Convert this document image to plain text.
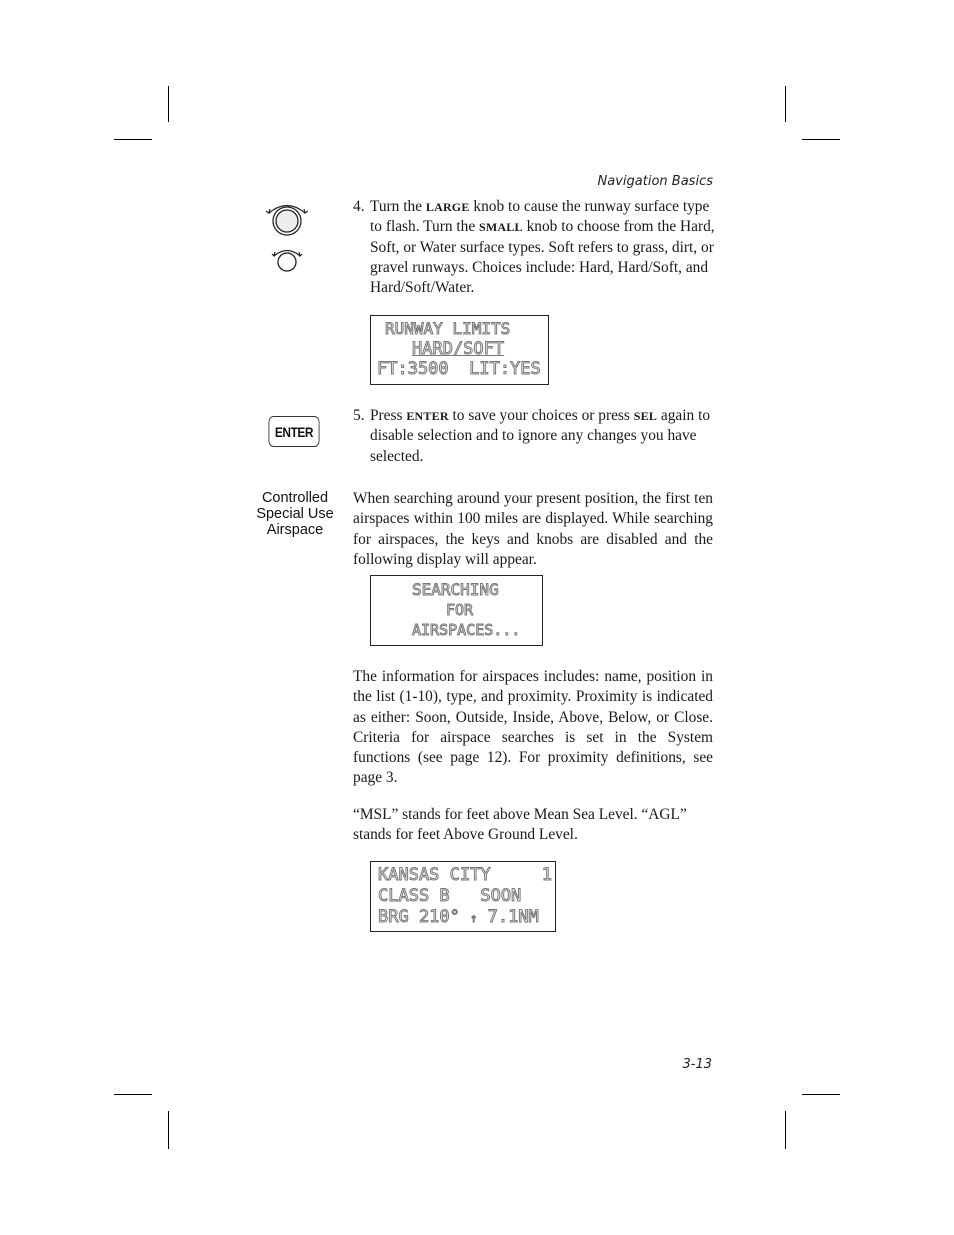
Navigation Basics
4. Turn the LARGE knob to cause the runway surface type to flash. Turn the SMALL knob to choose from the Hard, Soft, or Water surface types. Soft refers to grass, dirt, or gravel runways. Choices include: Hard, Hard/Soft, and Hard/Soft/Water.
RUNWAY LIMITS
HARD/SOFT
FT:3500  LIT:YES
ENTER
5. Press ENTER to save your choices or press SEL again to disable selection and to ignore any changes you have selected.
Controlled
Special Use
Airspace
When searching around your present position, the first ten airspaces within 100 miles are displayed. While searching for airspaces, the keys and knobs are disabled and the following display will appear.
SEARCHING
FOR
AIRSPACES...
The information for airspaces includes: name, position in the list (1-10), type, and proximity. Proximity is indicated as either: Soon, Outside, Inside, Above, Below, or Close. Criteria for airspace searches is set in the System functions (see page 12). For proximity definitions, see page 3.
“MSL” stands for feet above Mean Sea Level. “AGL” stands for feet Above Ground Level.
KANSAS CITY     1
CLASS B   SOON
BRG 210° ↑ 7.1NM
3-13
